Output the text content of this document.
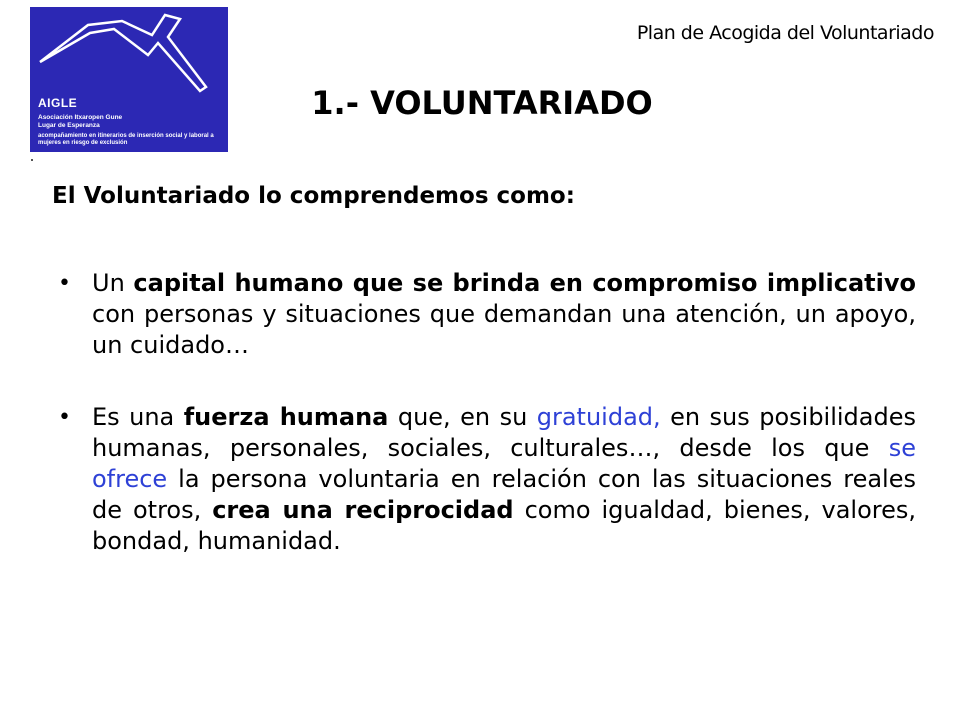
AIGLE
Asociación Itxaropen Gune
Lugar de Esperanza
acompañamiento en itinerarios de inserción social y laboral a mujeres en riesgo de exclusión
Plan de Acogida del Voluntariado
1.- VOLUNTARIADO
El Voluntariado lo comprendemos como:
• Un capital humano que se brinda en compromiso implicativo con personas y situaciones que demandan una atención, un apoyo, un cuidado…
• Es una fuerza humana que, en su gratuidad, en sus posibilidades humanas, personales, sociales, culturales…, desde los que se ofrece la persona voluntaria en relación con las situaciones reales de otros, crea una reciprocidad como igualdad, bienes, valores, bondad, humanidad.
